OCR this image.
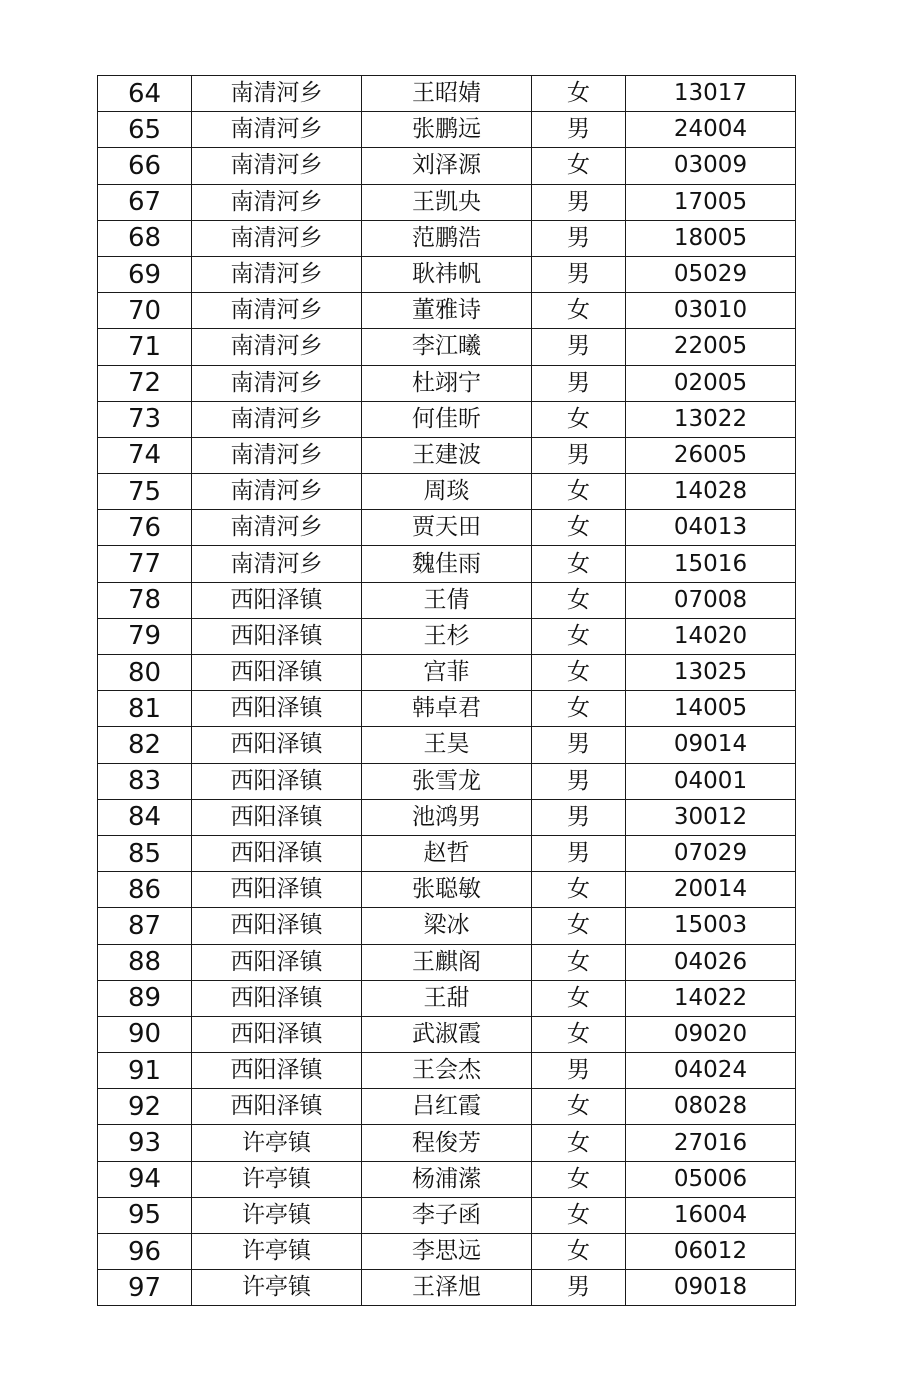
64	南清河乡	王昭婧	女	13017
65	南清河乡	张鹏远	男	24004
66	南清河乡	刘泽源	女	03009
67	南清河乡	王凯央	男	17005
68	南清河乡	范鹏浩	男	18005
69	南清河乡	耿祎帆	男	05029
70	南清河乡	董雅诗	女	03010
71	南清河乡	李江曦	男	22005
72	南清河乡	杜翊宁	男	02005
73	南清河乡	何佳昕	女	13022
74	南清河乡	王建波	男	26005
75	南清河乡	周琰	女	14028
76	南清河乡	贾天田	女	04013
77	南清河乡	魏佳雨	女	15016
78	西阳泽镇	王倩	女	07008
79	西阳泽镇	王杉	女	14020
80	西阳泽镇	宫菲	女	13025
81	西阳泽镇	韩卓君	女	14005
82	西阳泽镇	王昊	男	09014
83	西阳泽镇	张雪龙	男	04001
84	西阳泽镇	池鸿男	男	30012
85	西阳泽镇	赵哲	男	07029
86	西阳泽镇	张聪敏	女	20014
87	西阳泽镇	梁冰	女	15003
88	西阳泽镇	王麒阁	女	04026
89	西阳泽镇	王甜	女	14022
90	西阳泽镇	武淑霞	女	09020
91	西阳泽镇	王会杰	男	04024
92	西阳泽镇	吕红霞	女	08028
93	许亭镇	程俊芳	女	27016
94	许亭镇	杨浦潆	女	05006
95	许亭镇	李子函	女	16004
96	许亭镇	李思远	女	06012
97	许亭镇	王泽旭	男	09018
